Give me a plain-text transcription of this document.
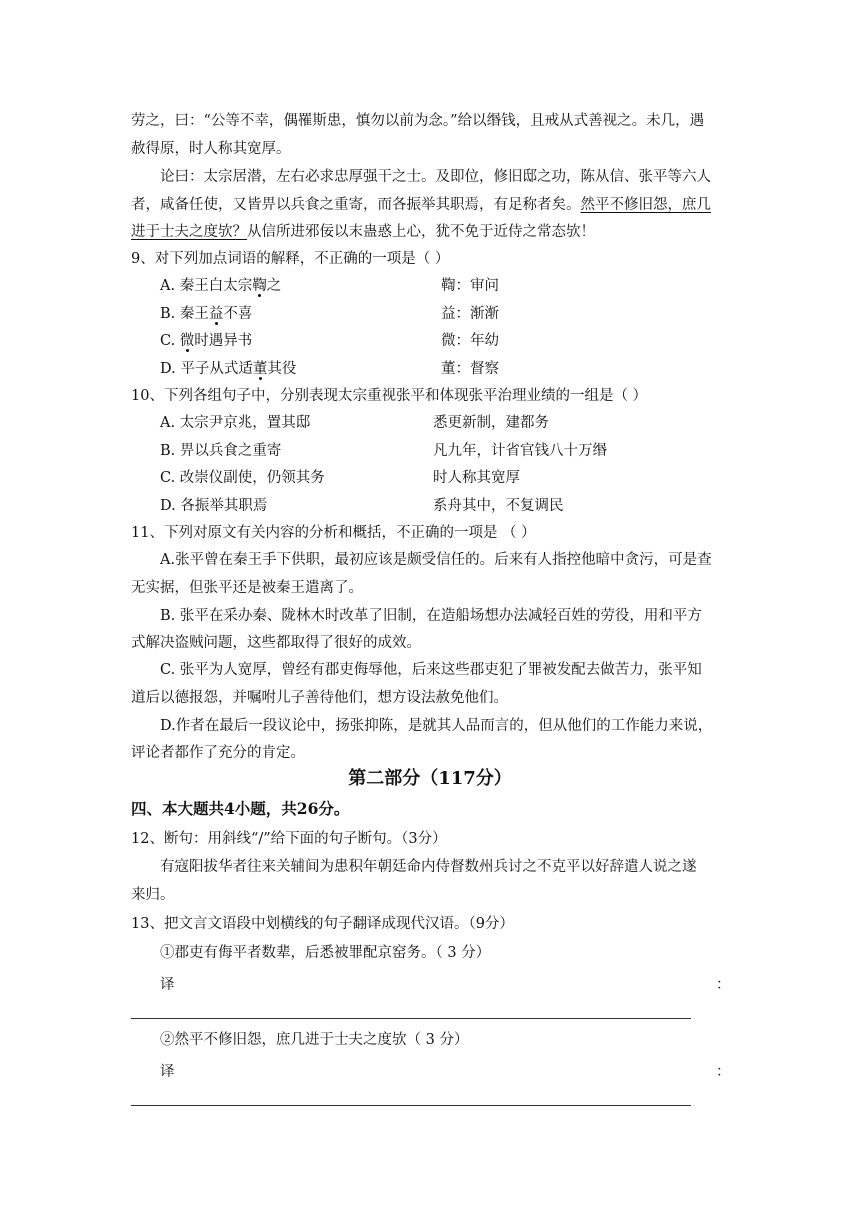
劳之，曰：“公等不幸，偶罹斯患，慎勿以前为念。”给以缗钱，且戒从式善视之。未几，遇
赦得原，时人称其宽厚。
论曰：太宗居潜，左右必求忠厚强干之士。及即位，修旧邸之功，陈从信、张平等六人
者，咸备任使，又皆畀以兵食之重寄，而各振举其职焉，有足称者矣。然平不修旧怨，庶几
进于士夫之度欤？从信所进邪佞以末蛊惑上心，犹不免于近侍之常态欤！
9、对下列加点词语的解释，不正确的一项是（ ）
A. 秦王白太宗鞫之	鞫：审问
B. 秦王益不喜	益：渐渐
C. 微时遇异书	微：年幼
D. 平子从式适董其役	董：督察
10、下列各组句子中，分别表现太宗重视张平和体现张平治理业绩的一组是（ ）
A. 太宗尹京兆，置其邸	悉更新制，建都务
B. 畀以兵食之重寄	凡九年，计省官钱八十万缗
C. 改崇仪副使，仍领其务	时人称其宽厚
D. 各振举其职焉	系舟其中，不复调民
11、下列对原文有关内容的分析和概括，不正确的一项是 （ ）
A.张平曾在秦王手下供职，最初应该是颇受信任的。后来有人指控他暗中贪污，可是查
无实据，但张平还是被秦王遣离了。
B. 张平在采办秦、陇林木时改革了旧制，在造船场想办法减轻百姓的劳役，用和平方
式解决盗贼问题，这些都取得了很好的成效。
C. 张平为人宽厚，曾经有郡吏侮辱他，后来这些郡吏犯了罪被发配去做苦力，张平知
道后以德报怨，并嘱咐儿子善待他们，想方设法赦免他们。
D.作者在最后一段议论中，扬张抑陈，是就其人品而言的，但从他们的工作能力来说，
评论者都作了充分的肯定。
第二部分（117分）
四、本大题共4小题，共26分。
12、断句：用斜线“/”给下面的句子断句。（3分）
有寇阳拔华者往来关辅间为患积年朝廷命内侍督数州兵讨之不克平以好辞遣人说之遂
来归。
13、把文言文语段中划横线的句子翻译成现代汉语。（9分）
①郡吏有侮平者数辈，后悉被罪配京窑务。（ 3 分）
译	：
②然平不修旧怨，庶几进于士夫之度欤（ 3 分）
译	：
